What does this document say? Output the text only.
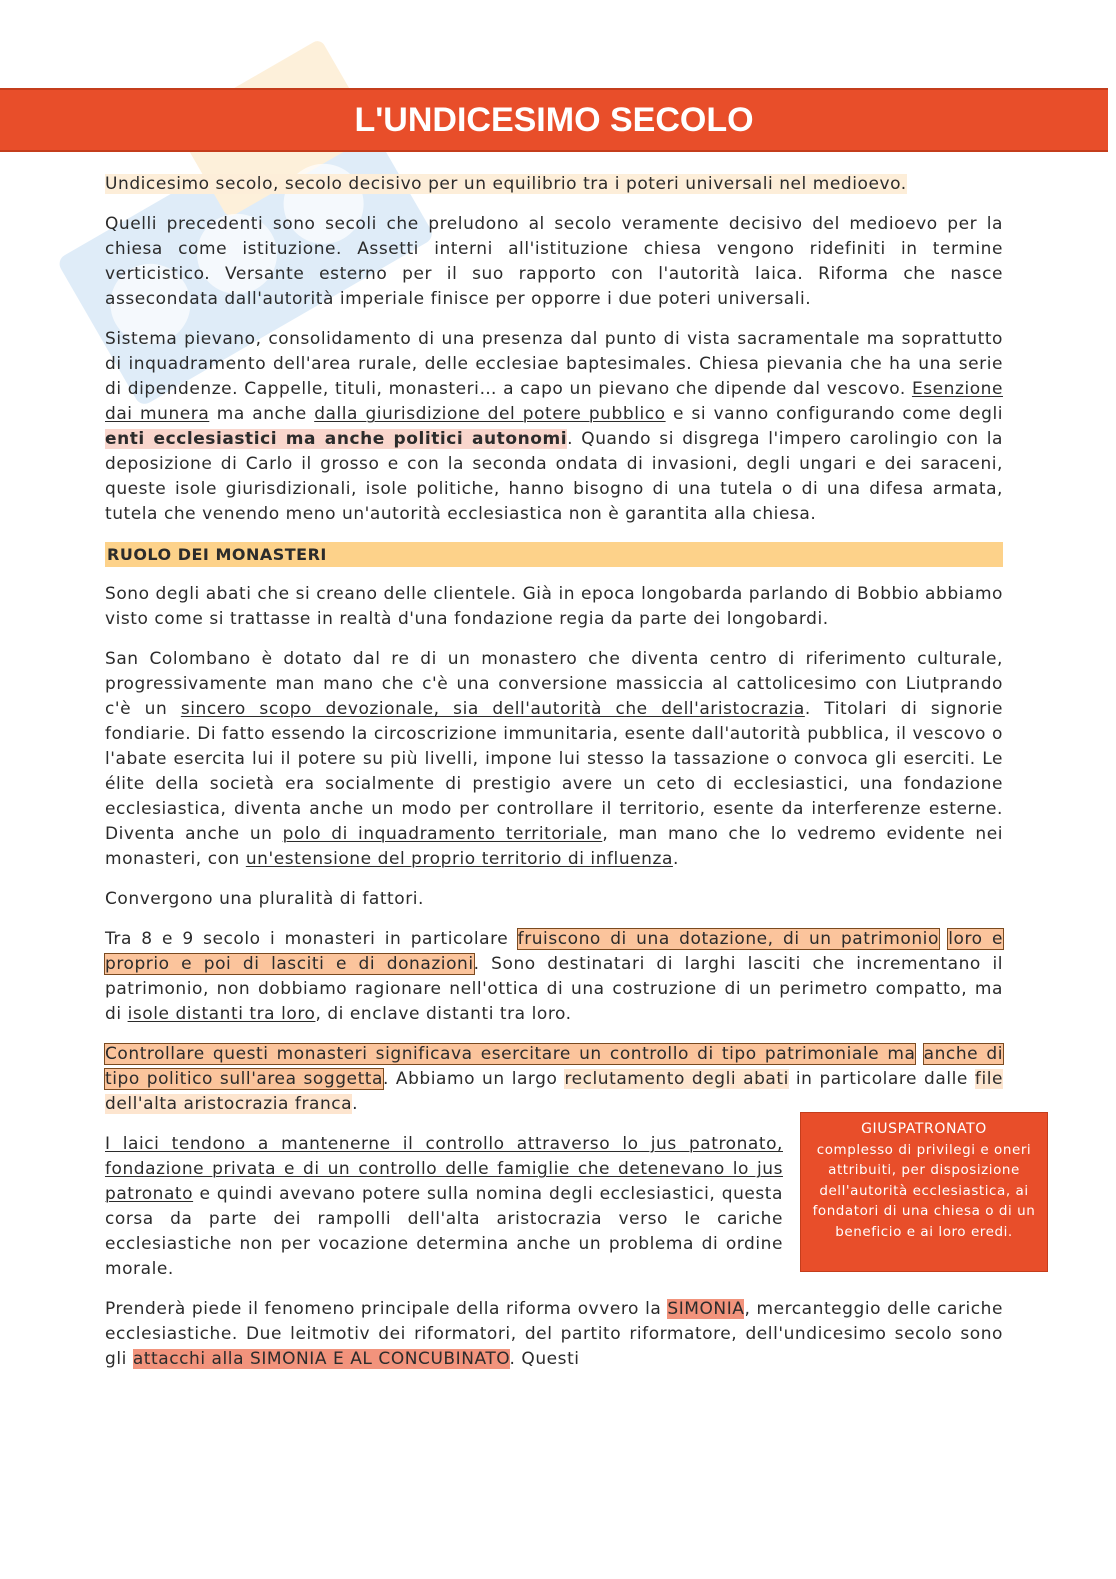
L'UNDICESIMO SECOLO

Undicesimo secolo, secolo decisivo per un equilibrio tra i poteri universali nel medioevo.

Quelli precedenti sono secoli che preludono al secolo veramente decisivo del medioevo per la chiesa come istituzione. Assetti interni all'istituzione chiesa vengono ridefiniti in termine verticistico. Versante esterno per il suo rapporto con l'autorità laica. Riforma che nasce assecondata dall'autorità imperiale finisce per opporre i due poteri universali.

Sistema pievano, consolidamento di una presenza dal punto di vista sacramentale ma soprattutto di inquadramento dell'area rurale, delle ecclesiae baptesimales. Chiesa pievania che ha una serie di dipendenze. Cappelle, tituli, monasteri… a capo un pievano che dipende dal vescovo. Esenzione dai munera ma anche dalla giurisdizione del potere pubblico e si vanno configurando come degli enti ecclesiastici ma anche politici autonomi. Quando si disgrega l'impero carolingio con la deposizione di Carlo il grosso e con la seconda ondata di invasioni, degli ungari e dei saraceni, queste isole giurisdizionali, isole politiche, hanno bisogno di una tutela o di una difesa armata, tutela che venendo meno un'autorità ecclesiastica non è garantita alla chiesa.

RUOLO DEI MONASTERI

Sono degli abati che si creano delle clientele. Già in epoca longobarda parlando di Bobbio abbiamo visto come si trattasse in realtà d'una fondazione regia da parte dei longobardi.

San Colombano è dotato dal re di un monastero che diventa centro di riferimento culturale, progressivamente man mano che c'è una conversione massiccia al cattolicesimo con Liutprando c'è un sincero scopo devozionale, sia dell'autorità che dell'aristocrazia. Titolari di signorie fondiarie. Di fatto essendo la circoscrizione immunitaria, esente dall'autorità pubblica, il vescovo o l'abate esercita lui il potere su più livelli, impone lui stesso la tassazione o convoca gli eserciti. Le élite della società era socialmente di prestigio avere un ceto di ecclesiastici, una fondazione ecclesiastica, diventa anche un modo per controllare il territorio, esente da interferenze esterne. Diventa anche un polo di inquadramento territoriale, man mano che lo vedremo evidente nei monasteri, con un'estensione del proprio territorio di influenza.

Convergono una pluralità di fattori.

Tra 8 e 9 secolo i monasteri in particolare fruiscono di una dotazione, di un patrimonio loro e proprio e poi di lasciti e di donazioni. Sono destinatari di larghi lasciti che incrementano il patrimonio, non dobbiamo ragionare nell'ottica di una costruzione di un perimetro compatto, ma di isole distanti tra loro, di enclave distanti tra loro.

Controllare questi monasteri significava esercitare un controllo di tipo patrimoniale ma anche di tipo politico sull'area soggetta. Abbiamo un largo reclutamento degli abati in particolare dalle file dell'alta aristocrazia franca.

I laici tendono a mantenerne il controllo attraverso lo jus patronato, fondazione privata e di un controllo delle famiglie che detenevano lo jus patronato e quindi avevano potere sulla nomina degli ecclesiastici, questa corsa da parte dei rampolli dell'alta aristocrazia verso le cariche ecclesiastiche non per vocazione determina anche un problema di ordine morale.

GIUSPATRONATO
complesso di privilegi e oneri attribuiti, per disposizione dell'autorità ecclesiastica, ai fondatori di una chiesa o di un beneficio e ai loro eredi.

Prenderà piede il fenomeno principale della riforma ovvero la SIMONIA, mercanteggio delle cariche ecclesiastiche. Due leitmotiv dei riformatori, del partito riformatore, dell'undicesimo secolo sono gli attacchi alla SIMONIA E AL CONCUBINATO. Questi
